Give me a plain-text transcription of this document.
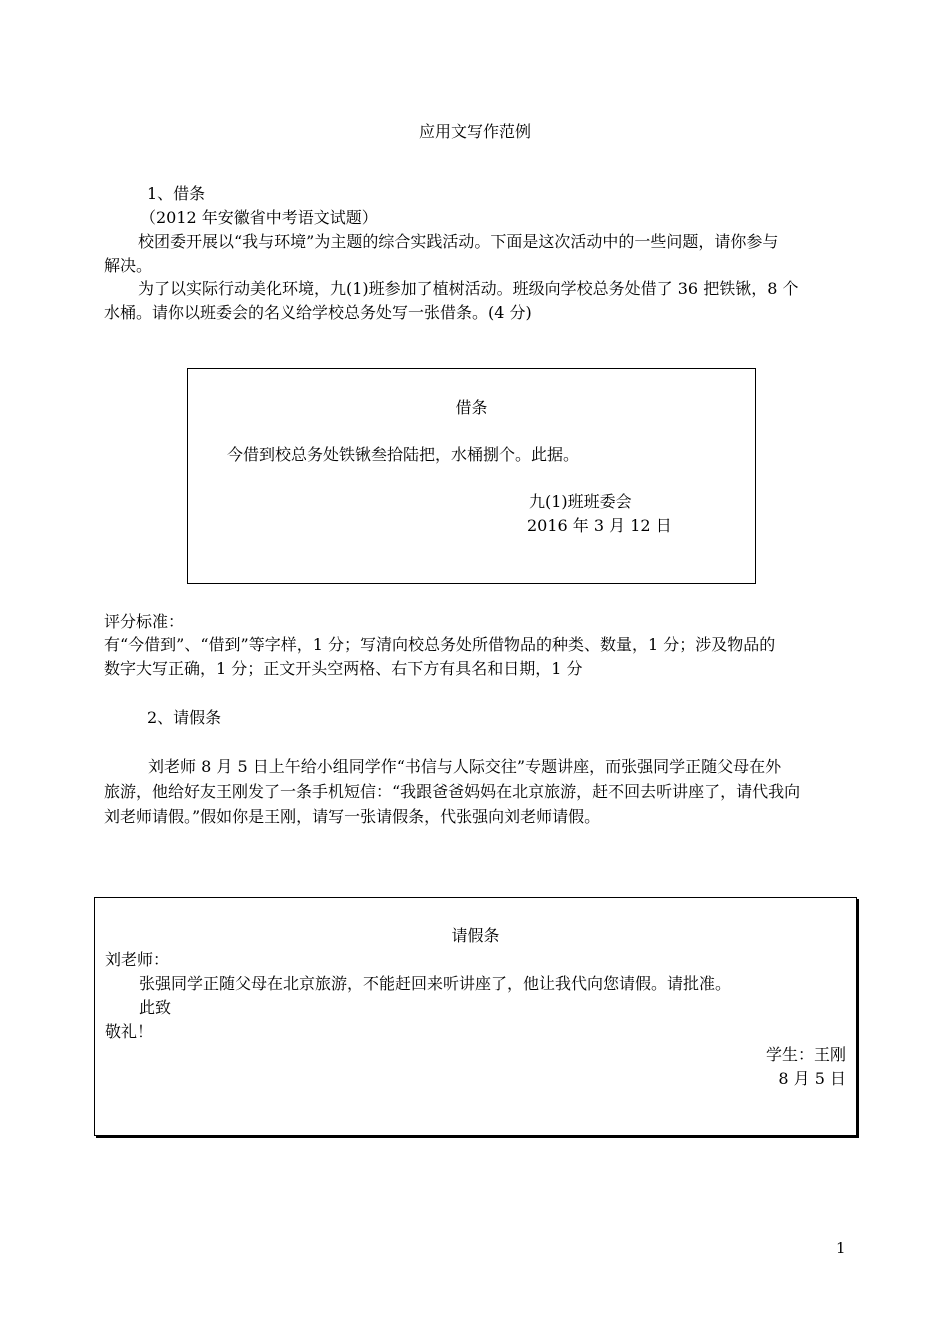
应用文写作范例
1、借条
（2012 年安徽省中考语文试题）
校团委开展以“我与环境”为主题的综合实践活动。下面是这次活动中的一些问题，请你参与
解决。
为了以实际行动美化环境，九(1)班参加了植树活动。班级向学校总务处借了 36 把铁锹，8 个
水桶。请你以班委会的名义给学校总务处写一张借条。(4 分)
借条
今借到校总务处铁锹叁拾陆把，水桶捌个。此据。
九(1)班班委会
2016 年 3 月 12 日
评分标准：
有“今借到”、“借到”等字样，1 分；写清向校总务处所借物品的种类、数量，1 分；涉及物品的
数字大写正确，1 分；正文开头空两格、右下方有具名和日期，1 分
2、请假条
刘老师 8 月 5 日上午给小组同学作“书信与人际交往”专题讲座，而张强同学正随父母在外
旅游，他给好友王刚发了一条手机短信：“我跟爸爸妈妈在北京旅游，赶不回去听讲座了，请代我向
刘老师请假。”假如你是王刚，请写一张请假条，代张强向刘老师请假。
请假条
刘老师：
张强同学正随父母在北京旅游，不能赶回来听讲座了，他让我代向您请假。请批准。
此致
敬礼！
学生：王刚
8 月 5 日
1
